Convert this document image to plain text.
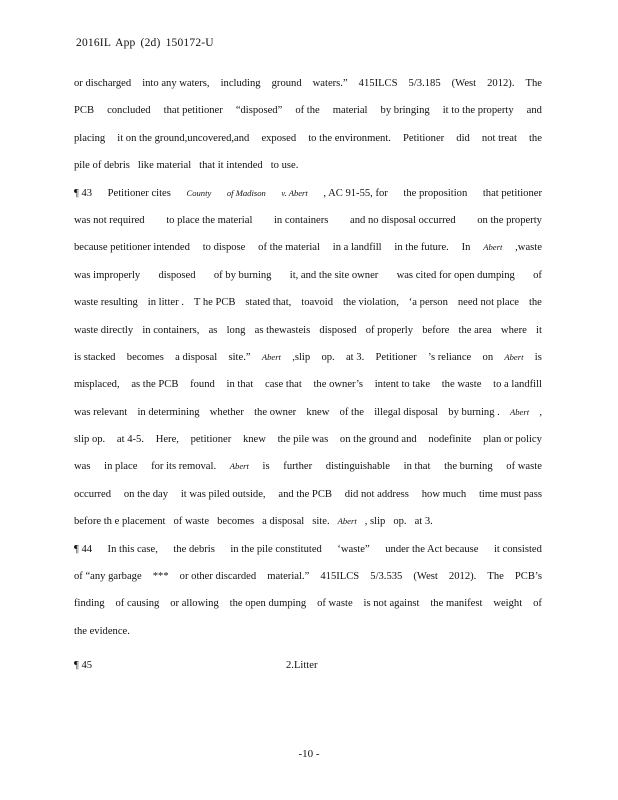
2016IL App (2d) 150172-U
or discharged into any waters, including ground waters.” 415ILCS 5/3.185 (West 2012). The
PCB concluded that petitioner “disposed” of the material by bringing it to the property and
placing it on the ground,uncovered,and exposed to the environment. Petitioner did not treat the
pile of debris like material that it intended to use.
¶ 43 Petitioner cites County of Madison v. Abert , AC 91-55, for the proposition that petitioner
was not required to place the material in containers and no disposal occurred on the property
because petitioner intended to dispose of the material in a landfill in the future. In Abert ,waste
was improperly disposed of by burning it, and the site owner was cited for open dumping of
waste resulting in litter . T he PCB stated that, toavoid the violation, ‘a person need not place the
waste directly in containers, as long as thewasteis disposed of properly before the area where it
is stacked becomes a disposal site.” Abert ,slip op. at 3. Petitioner ’s reliance on Abert is
misplaced, as the PCB found in that case that the owner’s intent to take the waste to a landfill
was relevant in determining whether the owner knew of the illegal disposal by burning . Abert ,
slip op. at 4-5. Here, petitioner knew the pile was on the ground and nodefinite plan or policy
was in place for its removal. Abert is further distinguishable in that the burning of waste
occurred on the day it was piled outside, and the PCB did not address how much time must pass
before th e placement of waste becomes a disposal site. Abert , slip op. at 3.
¶ 44 In this case, the debris in the pile constituted ‘waste” under the Act because it consisted
of “any garbage *** or other discarded material.” 415ILCS 5/3.535 (West 2012). The PCB’s
finding of causing or allowing the open dumping of waste is not against the manifest weight of
the evidence.
¶ 45	2.Litter
-10 -
